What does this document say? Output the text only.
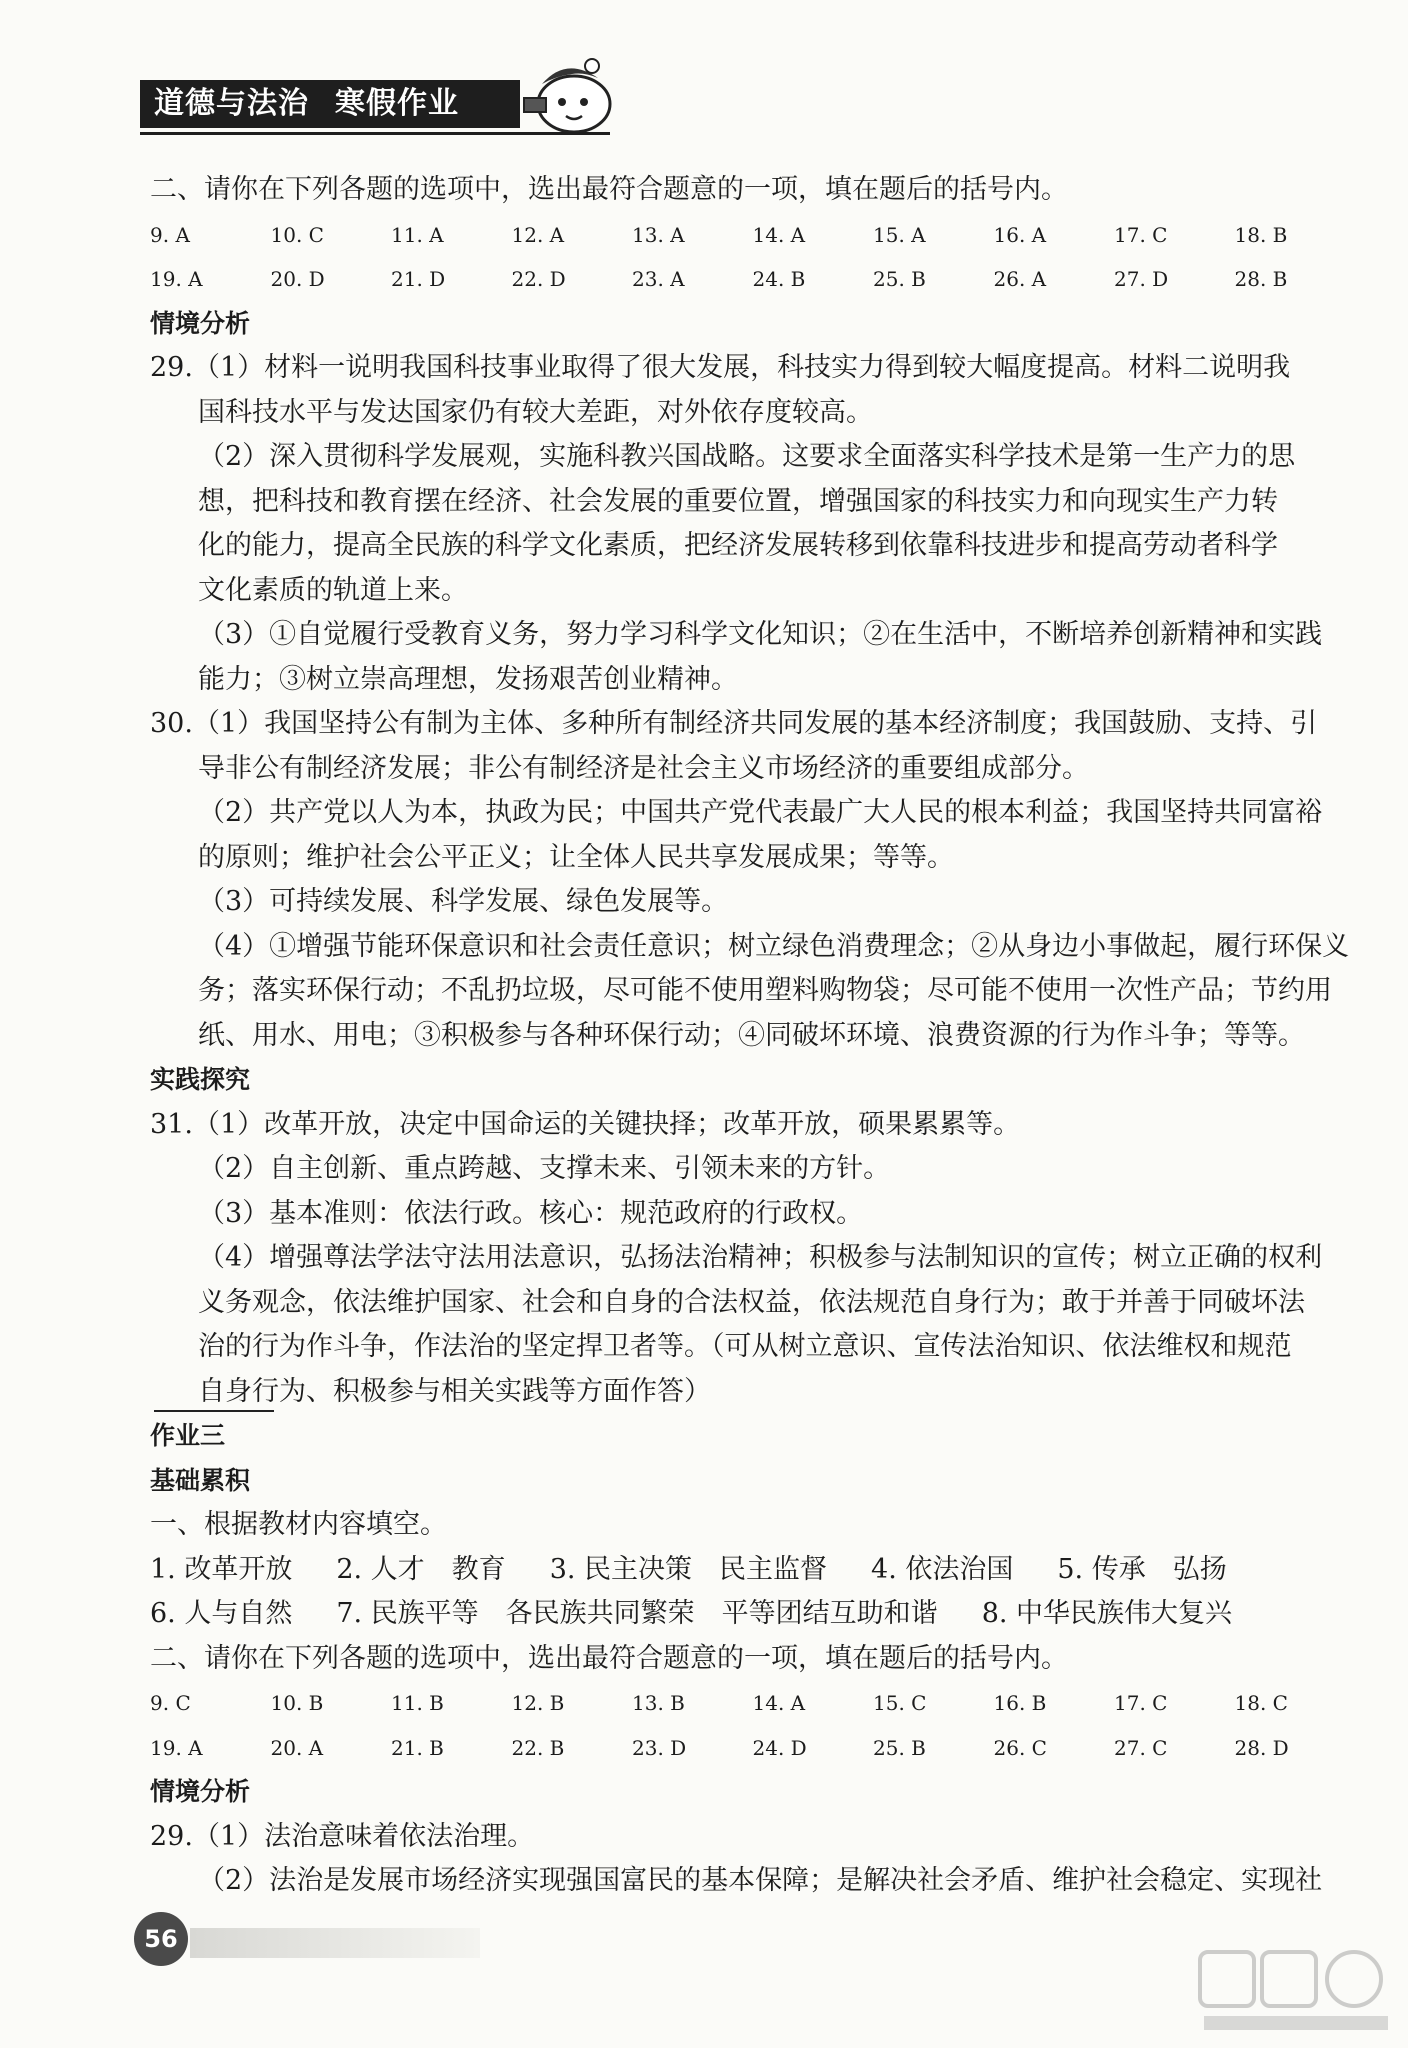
道德与法治 寒假作业
二、请你在下列各题的选项中，选出最符合题意的一项，填在题后的括号内。
9. A	10. C	11. A	12. A	13. A	14. A	15. A	16. A	17. C	18. B
19. A	20. D	21. D	22. D	23. A	24. B	25. B	26. A	27. D	28. B
情境分析
29.（1）材料一说明我国科技事业取得了很大发展，科技实力得到较大幅度提高。材料二说明我
国科技水平与发达国家仍有较大差距，对外依存度较高。
（2）深入贯彻科学发展观，实施科教兴国战略。这要求全面落实科学技术是第一生产力的思
想，把科技和教育摆在经济、社会发展的重要位置，增强国家的科技实力和向现实生产力转
化的能力，提高全民族的科学文化素质，把经济发展转移到依靠科技进步和提高劳动者科学
文化素质的轨道上来。
（3）①自觉履行受教育义务，努力学习科学文化知识；②在生活中，不断培养创新精神和实践
能力；③树立崇高理想，发扬艰苦创业精神。
30.（1）我国坚持公有制为主体、多种所有制经济共同发展的基本经济制度；我国鼓励、支持、引
导非公有制经济发展；非公有制经济是社会主义市场经济的重要组成部分。
（2）共产党以人为本，执政为民；中国共产党代表最广大人民的根本利益；我国坚持共同富裕
的原则；维护社会公平正义；让全体人民共享发展成果；等等。
（3）可持续发展、科学发展、绿色发展等。
（4）①增强节能环保意识和社会责任意识；树立绿色消费理念；②从身边小事做起，履行环保义
务；落实环保行动；不乱扔垃圾，尽可能不使用塑料购物袋；尽可能不使用一次性产品；节约用
纸、用水、用电；③积极参与各种环保行动；④同破坏环境、浪费资源的行为作斗争；等等。
实践探究
31.（1）改革开放，决定中国命运的关键抉择；改革开放，硕果累累等。
（2）自主创新、重点跨越、支撑未来、引领未来的方针。
（3）基本准则：依法行政。核心：规范政府的行政权。
（4）增强尊法学法守法用法意识，弘扬法治精神；积极参与法制知识的宣传；树立正确的权利
义务观念，依法维护国家、社会和自身的合法权益，依法规范自身行为；敢于并善于同破坏法
治的行为作斗争，作法治的坚定捍卫者等。（可从树立意识、宣传法治知识、依法维权和规范
自身行为、积极参与相关实践等方面作答）
作业三
基础累积
一、根据教材内容填空。
1. 改革开放 2. 人才　教育 3. 民主决策　民主监督 4. 依法治国 5. 传承　弘扬
6. 人与自然 7. 民族平等　各民族共同繁荣　平等团结互助和谐 8. 中华民族伟大复兴
二、请你在下列各题的选项中，选出最符合题意的一项，填在题后的括号内。
9. C	10. B	11. B	12. B	13. B	14. A	15. C	16. B	17. C	18. C
19. A	20. A	21. B	22. B	23. D	24. D	25. B	26. C	27. C	28. D
情境分析
29.（1）法治意味着依法治理。
（2）法治是发展市场经济实现强国富民的基本保障；是解决社会矛盾、维护社会稳定、实现社
56
